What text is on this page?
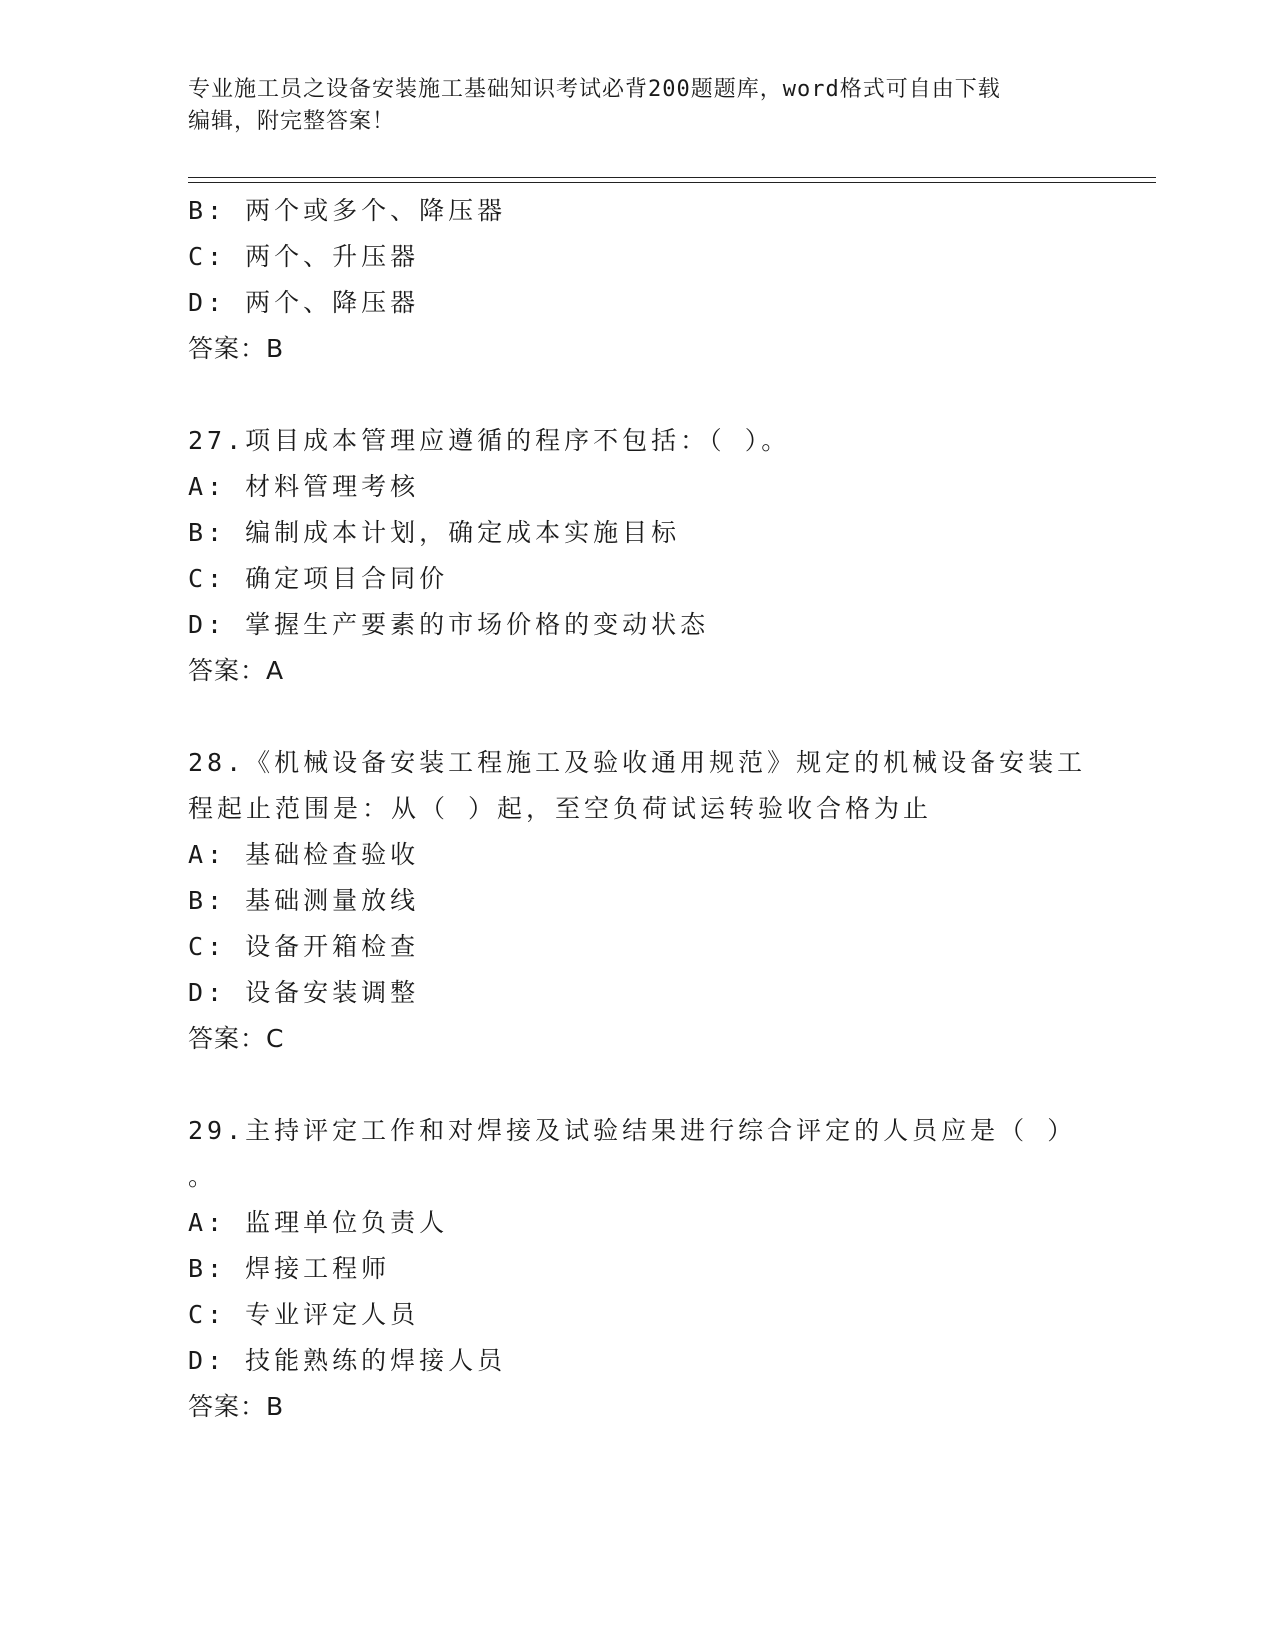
专业施工员之设备安装施工基础知识考试必背200题题库，word格式可自由下载
编辑，附完整答案！
B: 两个或多个、降压器
C: 两个、升压器
D: 两个、降压器
答案：B
27.项目成本管理应遵循的程序不包括：（ ）。
A: 材料管理考核
B: 编制成本计划，确定成本实施目标
C: 确定项目合同价
D: 掌握生产要素的市场价格的变动状态
答案：A
28.《机械设备安装工程施工及验收通用规范》规定的机械设备安装工
程起止范围是：从（ ）起，至空负荷试运转验收合格为止
A: 基础检查验收
B: 基础测量放线
C: 设备开箱检查
D: 设备安装调整
答案：C
29.主持评定工作和对焊接及试验结果进行综合评定的人员应是（ ）
。
A: 监理单位负责人
B: 焊接工程师
C: 专业评定人员
D: 技能熟练的焊接人员
答案：B
